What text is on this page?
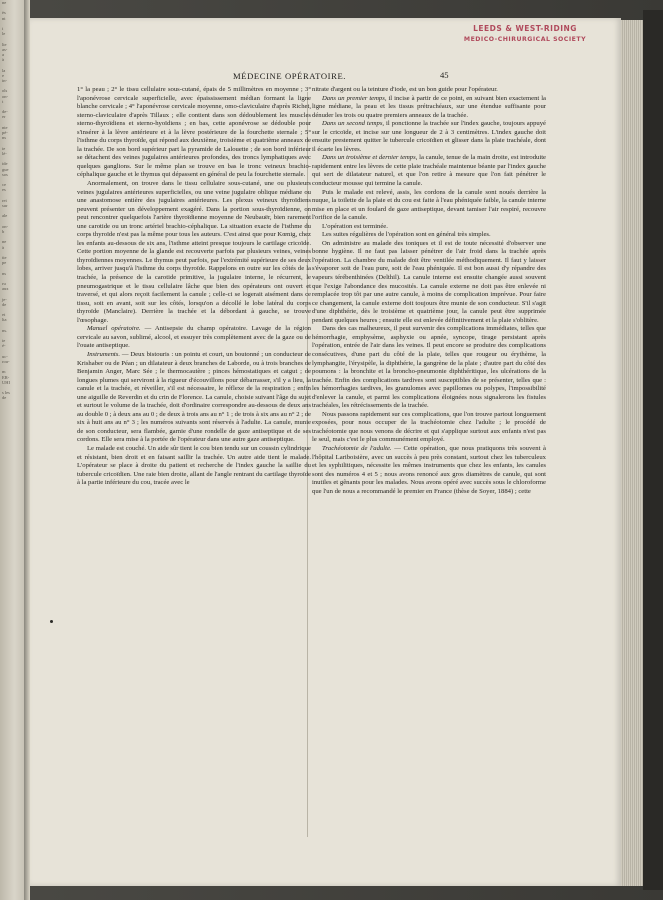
ne

ès
nt

i
le

lie
as-
a
à

la
e
in-

ols
on-
t

de-
er

nte
pé-
ns

ie
lé-

ide
gue
sos

ce
es

rei
sur

ale

on-
b

ne
à

tie
pe

ns

ru
aux

je-
de

et
lta

ns.

ie
é-

uc-
rou-

m
ER-
UHI

s les
de
LEEDS & WEST-RIDING
MEDICO-CHIRURGICAL SOCIETY
MÉDECINE OPÉRATOIRE.	45

1° la peau ; 2° le tissu cellulaire sous-cutané, épais de 5 millimètres en moyenne ; 3° l'aponévrose cervicale superficielle, avec épaississement médian formant la ligne blanche cervicale ; 4° l'aponévrose cervicale moyenne, omo-claviculaire d'après Richet, sterno-claviculaire d'après Tillaux ; elle contient dans son dédoublement les muscles sterno-thyroïdiens et sterno-hyoïdiens ; en bas, cette aponévrose se dédouble pour s'insérer à la lèvre antérieure et à la lèvre postérieure de la fourchette sternale ; 5° l'isthme du corps thyroïde, qui répond aux deuxième, troisième et quatrième anneaux de la trachée. De son bord supérieur part la pyramide de Lalouette ; de son bord inférieur se détachent des veines jugulaires antérieures profondes, des troncs lymphatiques avec quelques ganglions. Sur le même plan se trouve en bas le tronc veineux brachio-céphalique gauche et le thymus qui dépassent en général de peu la fourchette sternale.

Anormalement, on trouve dans le tissu cellulaire sous-cutané, une ou plusieurs veines jugulaires antérieures superficielles, ou une veine jugulaire oblique médiane ou une anastomose entière des jugulaires antérieures. Les plexus veineux thyroïdiens peuvent présenter un développement exagéré. Dans la portion sous-thyroïdienne, on peut rencontrer quelquefois l'artère thyroïdienne moyenne de Neubauër, bien rarement une carotide ou un tronc artériel brachio-céphalique. La situation exacte de l'isthme du corps thyroïde n'est pas la même pour tous les auteurs. C'est ainsi que pour Kœnig, chez les enfants au-dessous de six ans, l'isthme atteint presque toujours le cartilage cricoïde. Cette portion moyenne de la glande est recouverte parfois par plusieurs veines, veines thyroïdiennes moyennes. Le thymus peut parfois, par l'extrémité supérieure de ses deux lobes, arriver jusqu'à l'isthme du corps thyroïde. Rappelons en outre sur les côtés de la trachée, la présence de la carotide primitive, la jugulaire interne, le récurrent, le pneumogastrique et le tissu cellulaire lâche que bien des opérateurs ont ouvert et traversé, et qui alors reçoit facilement la canule ; celle-ci se logerait aisément dans ce tissu, soit en avant, soit sur les côtés, lorsqu'on a décollé le lobe latéral du corps thyroïde (Manclaire). Derrière la trachée et la débordant à gauche, se trouve l'œsophage.

Manuel opératoire. — Antisepsie du champ opératoire. Lavage de la région cervicale au savon, sublimé, alcool, et essuyer très complètement avec de la gaze ou de l'ouate antiseptique.

Instruments. — Deux bistouris : un pointu et court, un boutonné ; un conducteur de Krishaber ou de Péan ; un dilatateur à deux branches de Laborde, ou à trois branches de Benjamin Anger, Marc Sée ; le thermocautère ; pinces hémostatiques et catgut ; de longues plumes qui serviront à la rigueur d'écouvillons pour débarrasser, s'il y a lieu, la canule et la trachée, et réveiller, s'il est nécessaire, le réflexe de la respiration ; enfin une aiguille de Reverdin et du crin de Florence. La canule, choisie suivant l'âge du sujet et surtout le volume de la trachée, doit d'ordinaire correspondre au-dessous de deux ans au double 0 ; à deux ans au 0 ; de deux à trois ans au n° 1 ; de trois à six ans au n° 2 ; de six à huit ans au n° 3 ; les numéros suivants sont réservés à l'adulte. La canule, munie de son conducteur, sera flambée, garnie d'une rondelle de gaze antiseptique et de ses cordons. Elle sera mise à la portée de l'opérateur dans une autre gaze antiseptique.

Le malade est couché. Un aide sûr tient le cou bien tendu sur un coussin cylindrique et résistant, bien droit et en faisant saillir la trachée. Un autre aide tient le malade. L'opérateur se place à droite du patient et recherche de l'index gauche la saillie du tubercule cricoïdien. Une raie bien droite, allant de l'angle rentrant du cartilage thyroïde à la partie inférieure du cou, tracée avec le

nitrate d'argent ou la teinture d'iode, est un bon guide pour l'opérateur.

Dans un premier temps, il incise à partir de ce point, en suivant bien exactement la ligne médiane, la peau et les tissus prétrachéaux, sur une étendue suffisante pour dénuder les trois ou quatre premiers anneaux de la trachée.

Dans un second temps, il ponctionne la trachée sur l'index gauche, toujours appuyé sur le cricoïde, et incise sur une longueur de 2 à 3 centimètres. L'index gauche doit ensuite prestement quitter le tubercule cricoïdien et glisser dans la plaie trachéale, dont il écarte les lèvres.

Dans un troisième et dernier temps, la canule, tenue de la main droite, est introduite rapidement entre les lèvres de cette plaie trachéale maintenue béante par l'index gauche qui sert de dilatateur naturel, et que l'on retire à mesure que l'on fait pénétrer le conducteur mousse qui termine la canule.

Puis le malade est relevé, assis, les cordons de la canule sont noués derrière la nuque, la toilette de la plaie et du cou est faite à l'eau phéniquée faible, la canule interne mise en place et un foulard de gaze antiseptique, devant tamiser l'air respiré, recouvre l'orifice de la canule.

L'opération est terminée.

Les suites régulières de l'opération sont en général très simples.

On administre au malade des toniques et il est de toute nécessité d'observer une bonne hygiène. Il ne faut pas laisser pénétrer de l'air froid dans la trachée après l'opération. La chambre du malade doit être ventilée méthodiquement. Il faut y laisser s'évaporer soit de l'eau pure, soit de l'eau phéniquée. Il est bon aussi d'y répandre des vapeurs térébenthinées (Delthil). La canule interne est ensuite changée aussi souvent que l'exige l'abondance des mucosités. La canule externe ne doit pas être enlevée ni remplacée trop tôt par une autre canule, à moins de complication imprévue. Pour faire ce changement, la canule externe doit toujours être munie de son conducteur. S'il s'agit d'une diphthérie, dès le troisième et quatrième jour, la canule peut être supprimée pendant quelques heures ; ensuite elle est enlevée définitivement et la plaie s'oblitère.

Dans des cas malheureux, il peut survenir des complications immédiates, telles que hémorrhagie, emphysème, asphyxie ou apnée, syncope, tirage persistant après l'opération, entrée de l'air dans les veines. Il peut encore se produire des complications consécutives, d'une part du côté de la plaie, telles que rougeur ou érythème, la lymphangite, l'érysipèle, la diphthérie, la gangrène de la plaie ; d'autre part du côté des poumons : la bronchite et la broncho-pneumonie diphthéritique, les ulcérations de la trachée. Enfin des complications tardives sont susceptibles de se présenter, telles que : les hémorrhagies tardives, les granulomes avec papillomes ou polypes, l'impossibilité d'enlever la canule, et parmi les complications éloignées nous signalerons les fistules trachéales, les rétrécissements de la trachée.

Nous passons rapidement sur ces complications, que l'on trouve partout longuement exposées, pour nous occuper de la trachéotomie chez l'adulte ; le procédé de trachéotomie que nous venons de décrire et qui s'applique surtout aux enfants n'est pas le seul, mais c'est le plus communément employé.

Trachéotomie de l'adulte. — Cette opération, que nous pratiquons très souvent à l'hôpital Lariboisière, avec un succès à peu près constant, surtout chez les tuberculeux et les syphilitiques, nécessite les mêmes instruments que chez les enfants, les canules sont des numéros 4 et 5 ; nous avons renoncé aux gros diamètres de canule, qui sont inutiles et gênants pour les malades. Nous avons opéré avec succès sous le chloroforme que l'un de nous a recommandé le premier en France (thèse de Soyer, 1884) ; cette
